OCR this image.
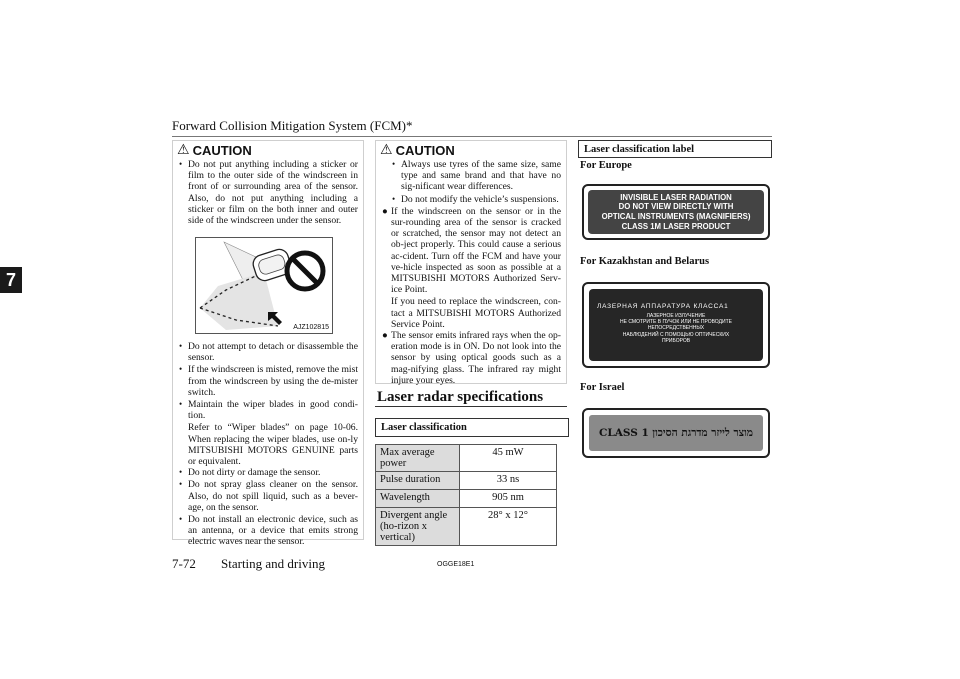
Forward Collision Mitigation System (FCM)*
7
⚠ CAUTION
• Do not put anything including a sticker or film to the outer side of the windscreen in front of or surrounding area of the sensor. Also, do not put anything including a sticker or film on the both inner and outer side of the windscreen under the sensor.
AJZ102815
• Do not attempt to detach or disassemble the sensor.
• If the windscreen is misted, remove the mist from the windscreen by using the de-mister switch.
• Maintain the wiper blades in good condi-tion.
Refer to “Wiper blades” on page 10-06. When replacing the wiper blades, use on-ly MITSUBISHI MOTORS GENUINE parts or equivalent.
• Do not dirty or damage the sensor.
• Do not spray glass cleaner on the sensor. Also, do not spill liquid, such as a bever-age, on the sensor.
• Do not install an electronic device, such as an antenna, or a device that emits strong electric waves near the sensor.
⚠ CAUTION
• Always use tyres of the same size, same type and same brand and that have no sig-nificant wear differences.
• Do not modify the vehicle’s suspensions.
● If the windscreen on the sensor or in the sur-rounding area of the sensor is cracked or scratched, the sensor may not detect an ob-ject properly. This could cause a serious ac-cident. Turn off the FCM and have your ve-hicle inspected as soon as possible at a MITSUBISHI MOTORS Authorized Serv-ice Point.
If you need to replace the windscreen, con-tact a MITSUBISHI MOTORS Authorized Service Point.
● The sensor emits infrared rays when the op-eration mode is in ON. Do not look into the sensor by using optical goods such as a mag-nifying glass. The infrared ray might injure your eyes.
Laser radar specifications
Laser classification
Max average power	45 mW
Pulse duration	33 ns
Wavelength	905 nm
Divergent angle (ho-rizon x vertical)	28° x 12°
Laser classification label
For Europe
INVISIBLE LASER RADIATION
DO NOT VIEW DIRECTLY WITH
OPTICAL INSTRUMENTS (MAGNIFIERS)
CLASS 1M LASER PRODUCT
For Kazakhstan and Belarus
ЛАЗЕРНАЯ АППАРАТУРА КЛАССА1
ЛАЗЕРНОЕ ИЗЛУЧЕНИЕ
НЕ СМОТРИТЕ В ПУЧОК ИЛИ НЕ ПРОВОДИТЕ
НЕПОСРЕДСТВЕННЫХ
НАБЛЮДЕНИЙ С ПОМОЩЬЮ ОПТИЧЕСКИХ
ПРИБОРОВ
For Israel
CLASS 1 מוצר לייזר מדרגת הסיכון
7-72 Starting and driving	OGGE18E1
